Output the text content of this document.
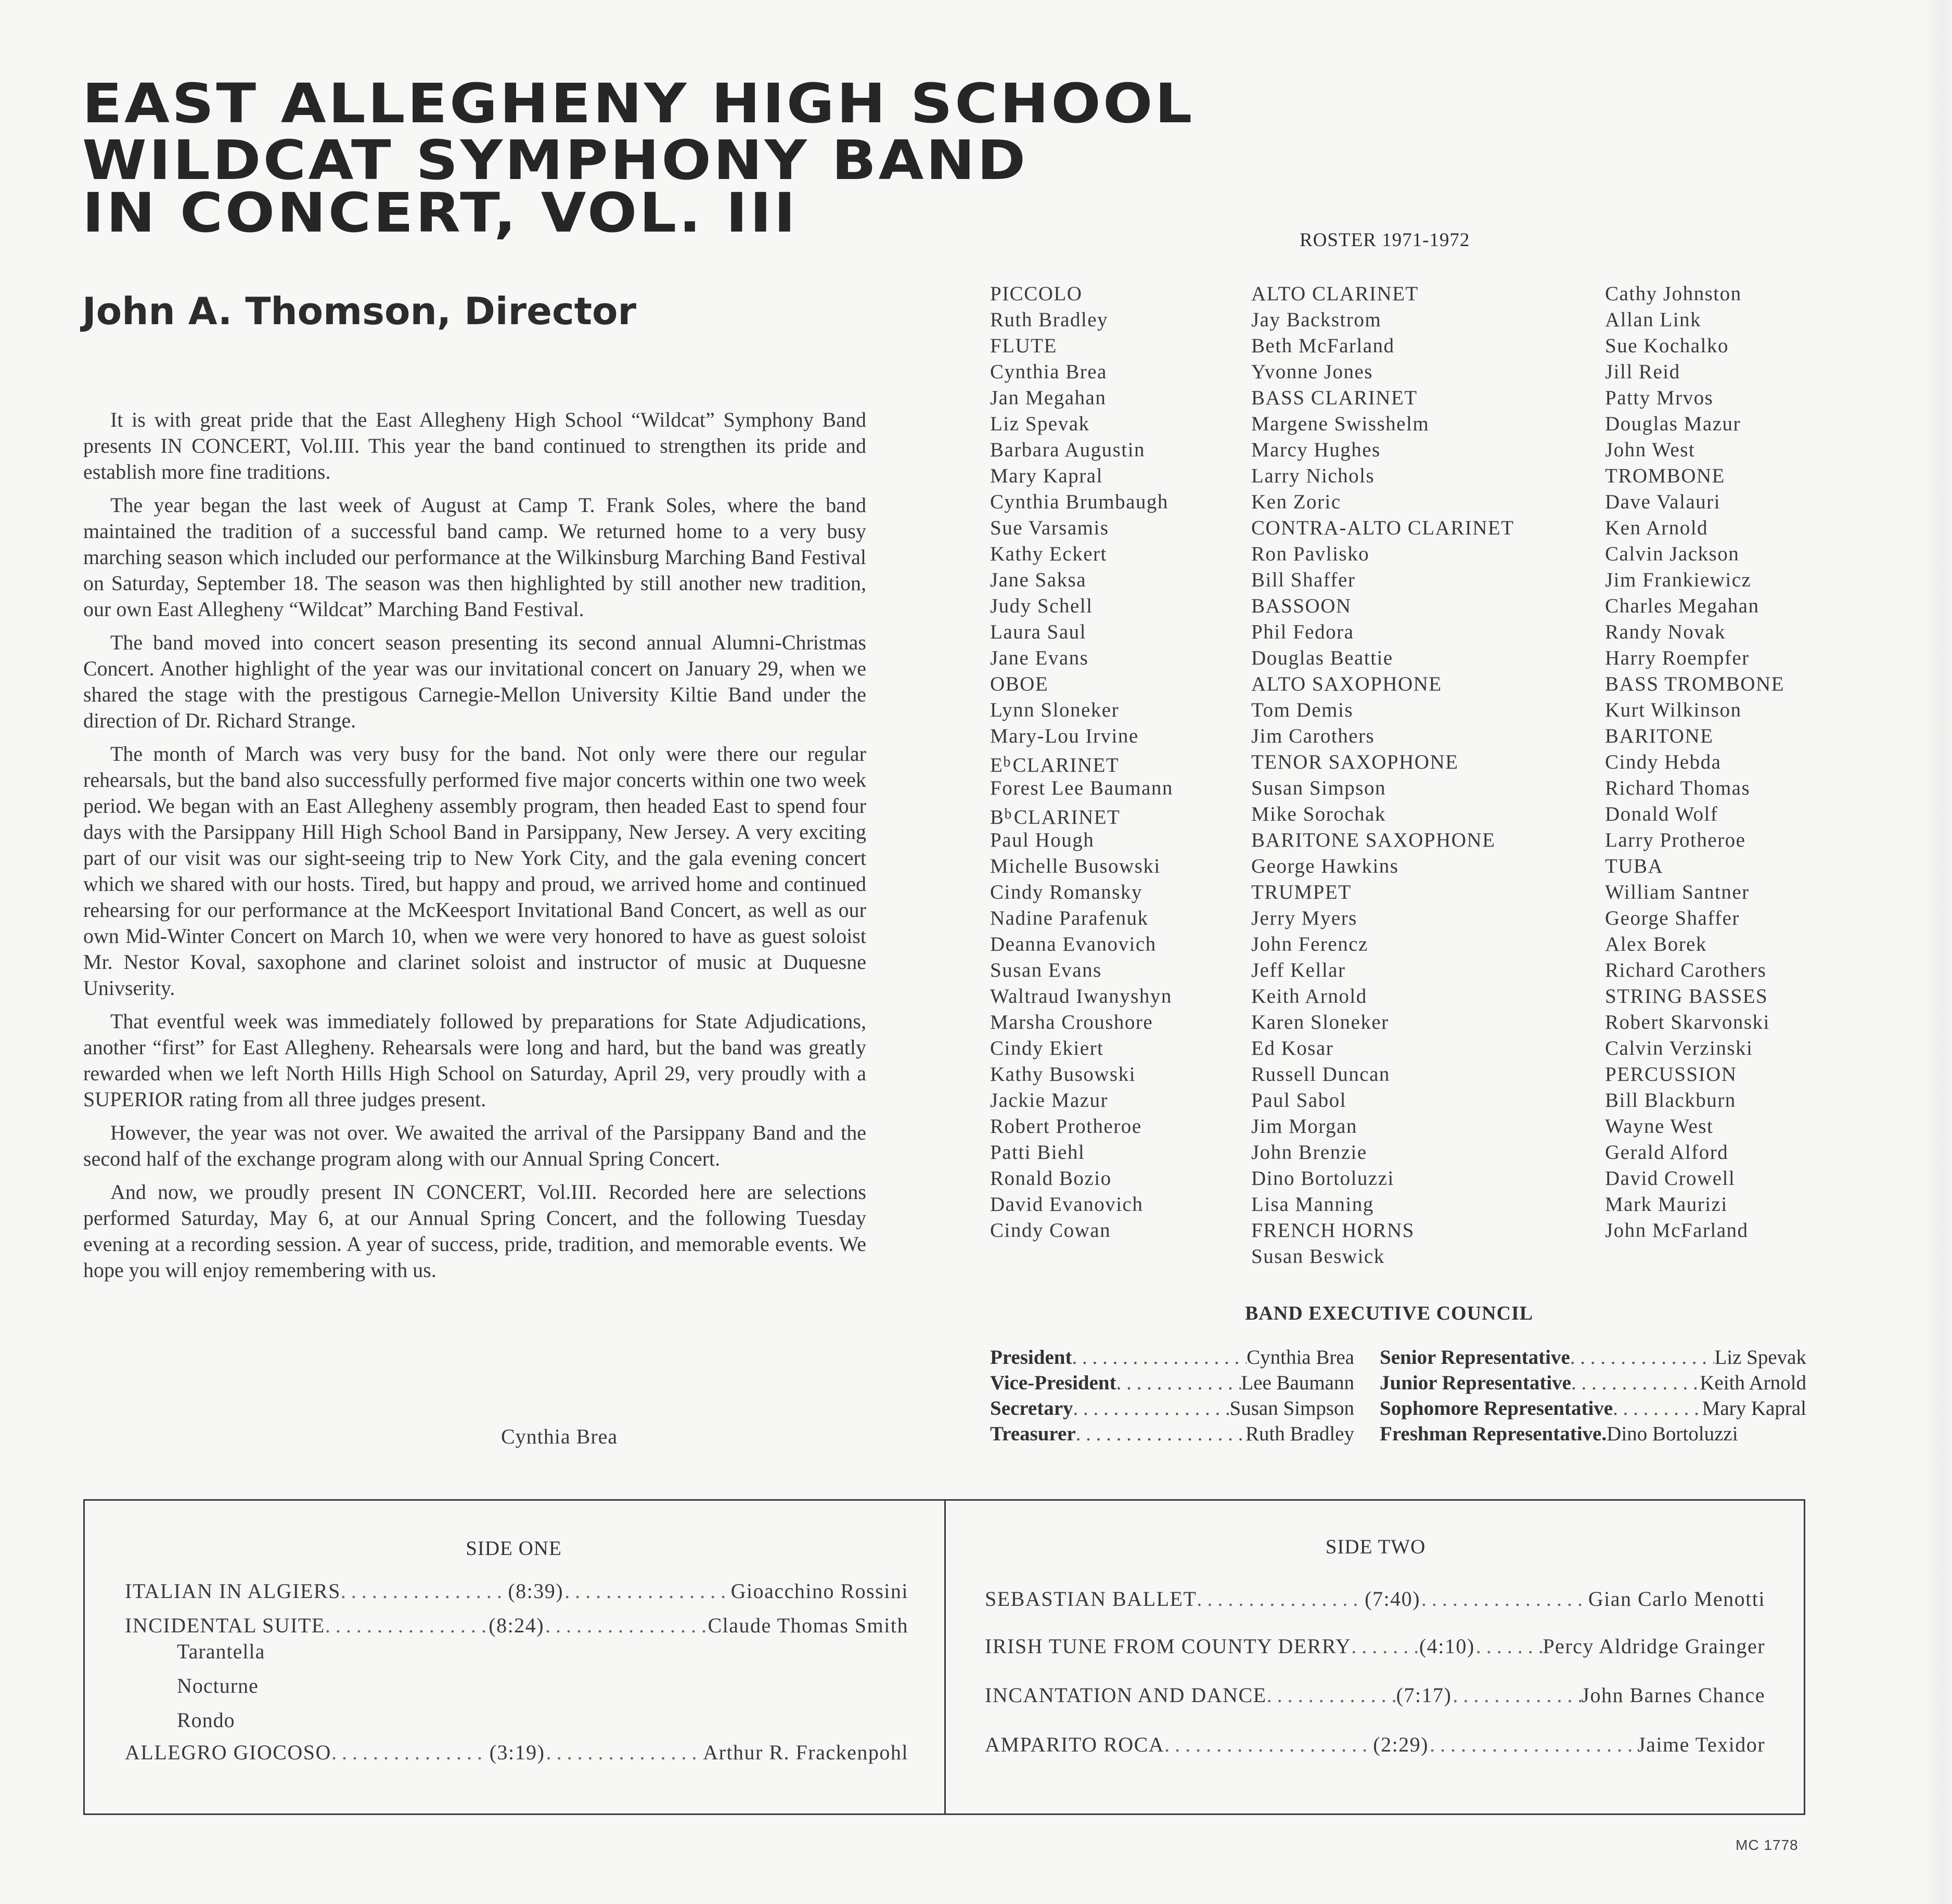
EAST ALLEGHENY HIGH SCHOOL
WILDCAT SYMPHONY BAND
IN CONCERT, VOL. III
John A. Thomson, Director

It is with great pride that the East Allegheny High School “Wildcat” Symphony Band presents IN CONCERT, Vol.III. This year the band continued to strengthen its pride and establish more fine traditions.

The year began the last week of August at Camp T. Frank Soles, where the band maintained the tradition of a successful band camp. We returned home to a very busy marching season which included our performance at the Wilkinsburg Marching Band Festival on Saturday, September 18. The season was then highlighted by still another new tradition, our own East Allegheny “Wildcat” Marching Band Festival.

The band moved into concert season presenting its second annual Alumni-Christmas Concert. Another highlight of the year was our invitational concert on January 29, when we shared the stage with the prestigous Carnegie-Mellon University Kiltie Band under the direction of Dr. Richard Strange.

The month of March was very busy for the band. Not only were there our regular rehearsals, but the band also successfully performed five major concerts within one two week period. We began with an East Allegheny assembly program, then headed East to spend four days with the Parsippany Hill High School Band in Parsippany, New Jersey. A very exciting part of our visit was our sight-seeing trip to New York City, and the gala evening concert which we shared with our hosts. Tired, but happy and proud, we arrived home and continued rehearsing for our performance at the McKeesport Invitational Band Concert, as well as our own Mid-Winter Concert on March 10, when we were very honored to have as guest soloist Mr. Nestor Koval, saxophone and clarinet soloist and instructor of music at Duquesne Univserity.

That eventful week was immediately followed by preparations for State Adjudications, another “first” for East Allegheny. Rehearsals were long and hard, but the band was greatly rewarded when we left North Hills High School on Saturday, April 29, very proudly with a SUPERIOR rating from all three judges present.

However, the year was not over. We awaited the arrival of the Parsippany Band and the second half of the exchange program along with our Annual Spring Concert.

And now, we proudly present IN CONCERT, Vol.III. Recorded here are selections performed Saturday, May 6, at our Annual Spring Concert, and the following Tuesday evening at a recording session. A year of success, pride, tradition, and memorable events. We hope you will enjoy remembering with us.

Cynthia Brea
ROSTER 1971-1972
PICCOLO
Ruth Bradley
FLUTE
Cynthia Brea
Jan Megahan
Liz Spevak
Barbara Augustin
Mary Kapral
Cynthia Brumbaugh
Sue Varsamis
Kathy Eckert
Jane Saksa
Judy Schell
Laura Saul
Jane Evans
OBOE
Lynn Sloneker
Mary-Lou Irvine
$E^b$ CLARINET
Forest Lee Baumann
$B^b$ CLARINET
Paul Hough
Michelle Busowski
Cindy Romansky
Nadine Parafenuk
Deanna Evanovich
Susan Evans
Waltraud Iwanyshyn
Marsha Croushore
Cindy Ekiert
Kathy Busowski
Jackie Mazur
Robert Protheroe
Patti Biehl
Ronald Bozio
David Evanovich
Cindy Cowan
ALTO CLARINET
Jay Backstrom
Beth McFarland
Yvonne Jones
BASS CLARINET
Margene Swisshelm
Marcy Hughes
Larry Nichols
Ken Zoric
CONTRA-ALTO CLARINET
Ron Pavlisko
Bill Shaffer
BASSOON
Phil Fedora
Douglas Beattie
ALTO SAXOPHONE
Tom Demis
Jim Carothers
TENOR SAXOPHONE
Susan Simpson
Mike Sorochak
BARITONE SAXOPHONE
George Hawkins
TRUMPET
Jerry Myers
John Ferencz
Jeff Kellar
Keith Arnold
Karen Sloneker
Ed Kosar
Russell Duncan
Paul Sabol
Jim Morgan
John Brenzie
Dino Bortoluzzi
Lisa Manning
FRENCH HORNS
Susan Beswick
Cathy Johnston
Allan Link
Sue Kochalko
Jill Reid
Patty Mrvos
Douglas Mazur
John West
TROMBONE
Dave Valauri
Ken Arnold
Calvin Jackson
Jim Frankiewicz
Charles Megahan
Randy Novak
Harry Roempfer
BASS TROMBONE
Kurt Wilkinson
BARITONE
Cindy Hebda
Richard Thomas
Donald Wolf
Larry Protheroe
TUBA
William Santner
George Shaffer
Alex Borek
Richard Carothers
STRING BASSES
Robert Skarvonski
Calvin Verzinski
PERCUSSION
Bill Blackburn
Wayne West
Gerald Alford
David Crowell
Mark Maurizi
John McFarland
BAND EXECUTIVE COUNCIL
President . . .	Cynthia Brea
Vice-President . . .	Lee Baumann
Secretary . . .	Susan Simpson
Treasurer . . .	Ruth Bradley
Senior Representative . . .	Liz Spevak
Junior Representative . . .	Keith Arnold
Sophomore Representative . . .	Mary Kapral
Freshman Representative. Dino Bortoluzzi
SIDE ONE
ITALIAN IN ALGIERS . . .	(8:39) . . .	Gioacchino Rossini
INCIDENTAL SUITE . . .	(8:24) . . .	Claude Thomas Smith
Tarantella
Nocturne
Rondo
ALLEGRO GIOCOSO . . .	(3:19) . . .	Arthur R. Frackenpohl
SIDE TWO
SEBASTIAN BALLET . . .	(7:40) . . .	Gian Carlo Menotti
IRISH TUNE FROM COUNTY DERRY . . .	(4:10) . . .	Percy Aldridge Grainger
INCANTATION AND DANCE . . .	(7:17) . . .	John Barnes Chance
AMPARITO ROCA . . .	(2:29) . . .	Jaime Texidor
MC 1778
